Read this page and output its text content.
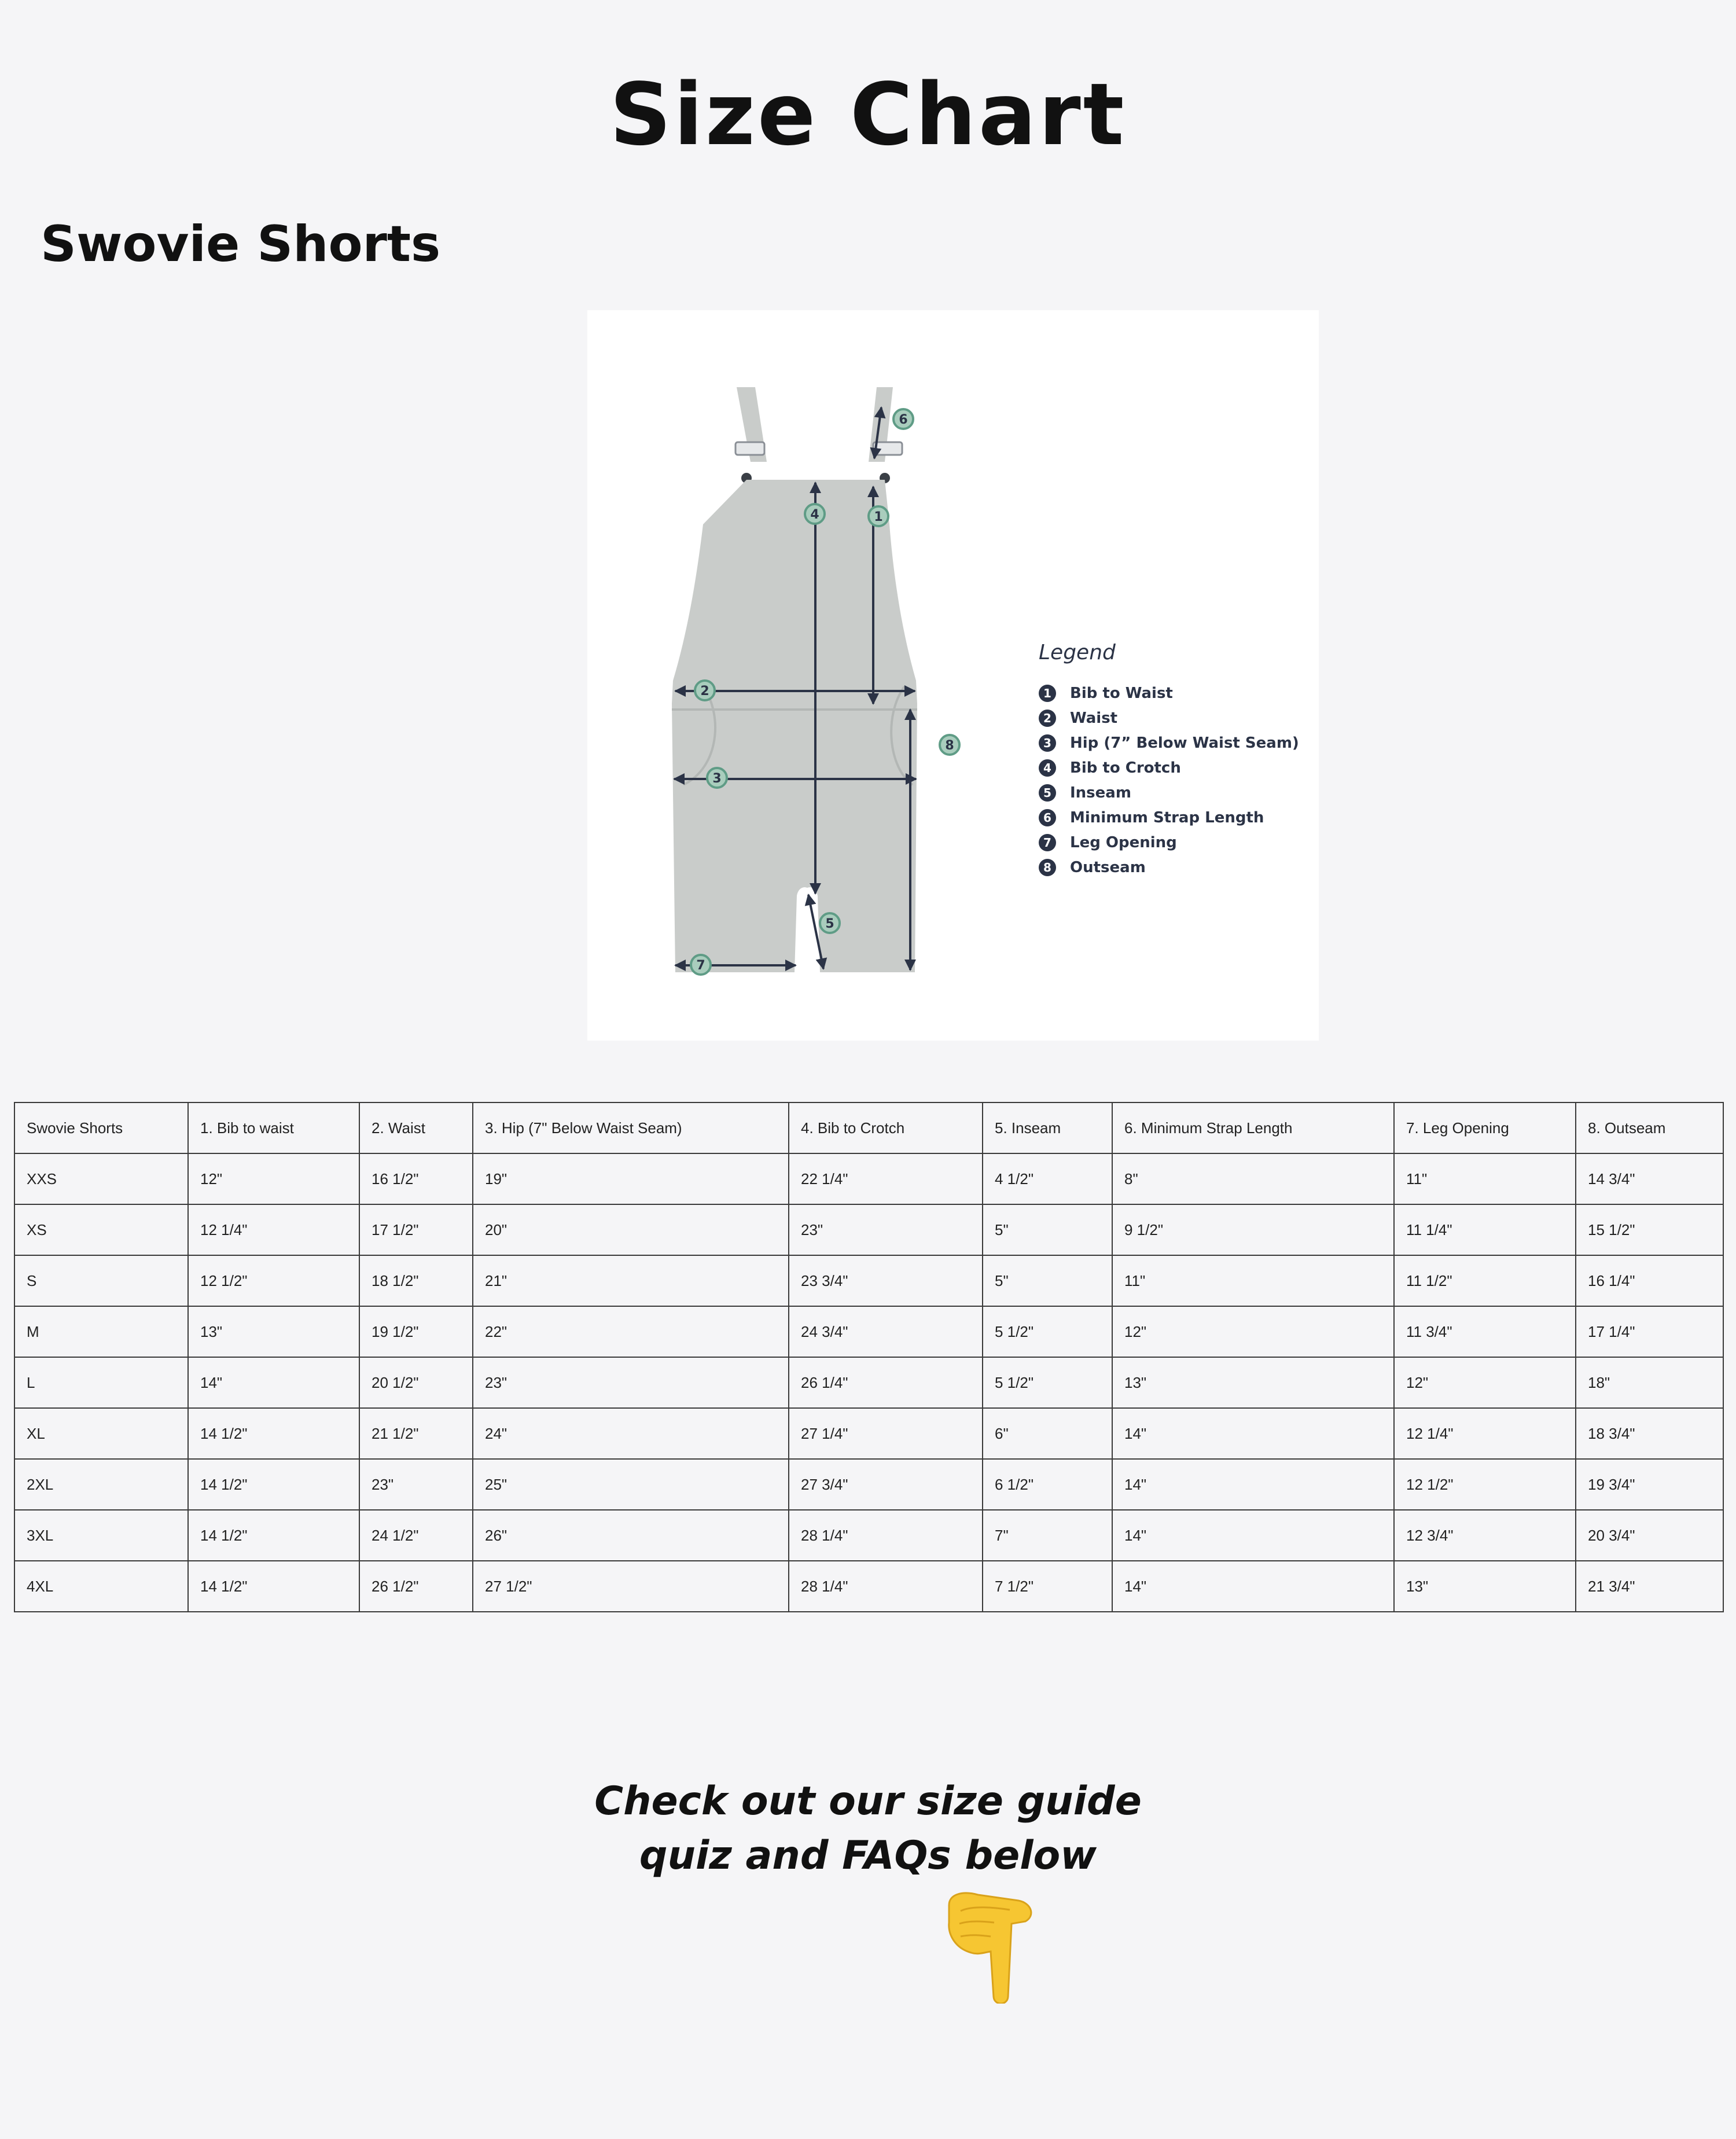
Size Chart
Swovie Shorts
1
2
3
4
5
6
7
8
Legend
1	Bib to Waist
2	Waist
3	Hip (7” Below Waist Seam)
4	Bib to Crotch
5	Inseam
6	Minimum Strap Length
7	Leg Opening
8	Outseam
Swovie Shorts	1. Bib to waist	2. Waist	3. Hip (7" Below Waist Seam)	4. Bib to Crotch	5. Inseam	6. Minimum Strap Length	7. Leg Opening	8. Outseam
XXS	12"	16 1/2"	19"	22 1/4"	4 1/2"	8"	11"	14 3/4"
XS	12 1/4"	17 1/2"	20"	23"	5"	9 1/2"	11 1/4"	15 1/2"
S	12 1/2"	18 1/2"	21"	23 3/4"	5"	11"	11 1/2"	16 1/4"
M	13"	19 1/2"	22"	24 3/4"	5 1/2"	12"	11 3/4"	17 1/4"
L	14"	20 1/2"	23"	26 1/4"	5 1/2"	13"	12"	18"
XL	14 1/2"	21 1/2"	24"	27 1/4"	6"	14"	12 1/4"	18 3/4"
2XL	14 1/2"	23"	25"	27 3/4"	6 1/2"	14"	12 1/2"	19 3/4"
3XL	14 1/2"	24 1/2"	26"	28 1/4"	7"	14"	12 3/4"	20 3/4"
4XL	14 1/2"	26 1/2"	27 1/2"	28 1/4"	7 1/2"	14"	13"	21 3/4"

Check out our size guide
quiz and FAQs below
